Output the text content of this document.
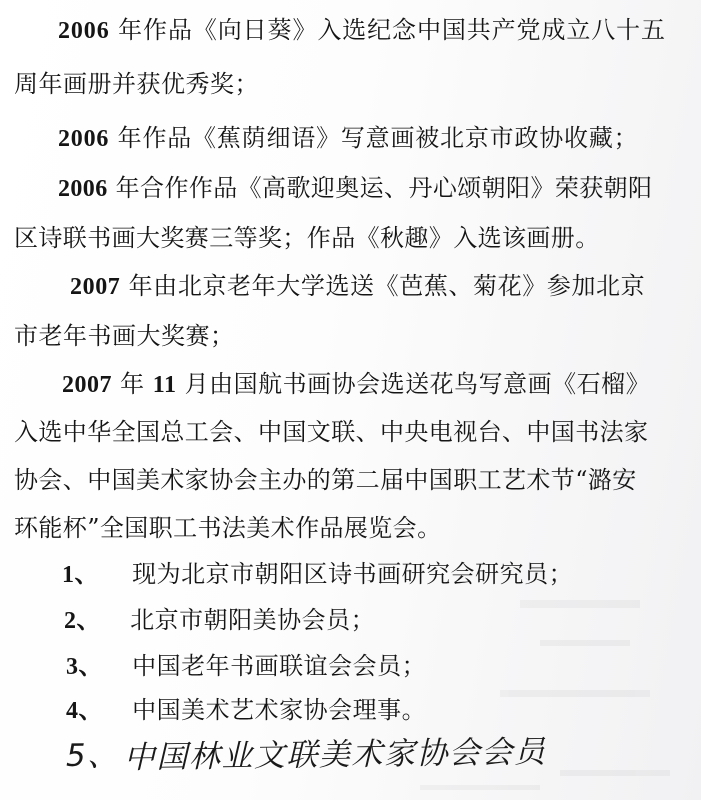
2006 年作品《向日葵》入选纪念中国共产党成立八十五
周年画册并获优秀奖；
2006 年作品《蕉荫细语》写意画被北京市政协收藏；
2006 年合作作品《高歌迎奥运、丹心颂朝阳》荣获朝阳
区诗联书画大奖赛三等奖；作品《秋趣》入选该画册。
2007 年由北京老年大学选送《芭蕉、菊花》参加北京
市老年书画大奖赛；
2007 年 11 月由国航书画协会选送花鸟写意画《石榴》
入选中华全国总工会、中国文联、中央电视台、中国书法家
协会、中国美术家协会主办的第二届中国职工艺术节“潞安
环能杯”全国职工书法美术作品展览会。
1、 现为北京市朝阳区诗书画研究会研究员；
2、 北京市朝阳美协会员；
3、 中国老年书画联谊会会员；
4、 中国美术艺术家协会理事。
5、 中国林业文联美术家协会会员
